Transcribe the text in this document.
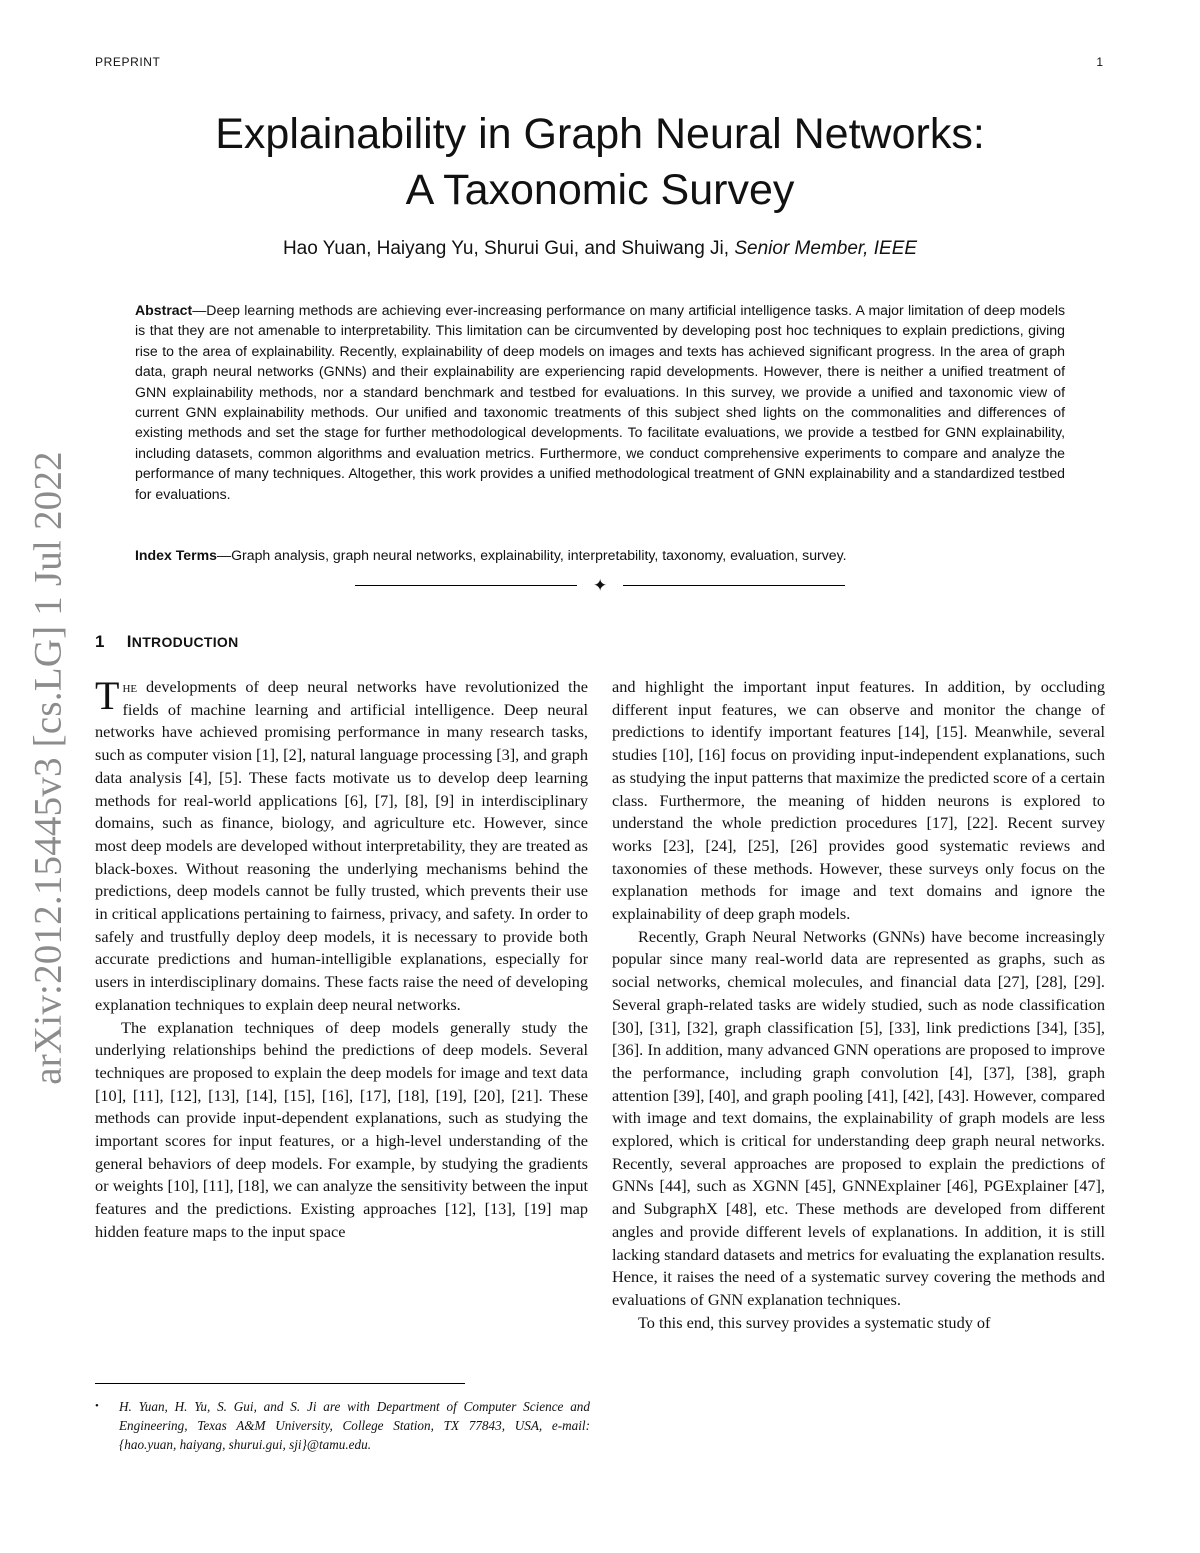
PREPRINT	1
arXiv:2012.15445v3 [cs.LG] 1 Jul 2022
Explainability in Graph Neural Networks:
A Taxonomic Survey
Hao Yuan, Haiyang Yu, Shurui Gui, and Shuiwang Ji, Senior Member, IEEE
Abstract—Deep learning methods are achieving ever-increasing performance on many artificial intelligence tasks. A major limitation of deep models is that they are not amenable to interpretability. This limitation can be circumvented by developing post hoc techniques to explain predictions, giving rise to the area of explainability. Recently, explainability of deep models on images and texts has achieved significant progress. In the area of graph data, graph neural networks (GNNs) and their explainability are experiencing rapid developments. However, there is neither a unified treatment of GNN explainability methods, nor a standard benchmark and testbed for evaluations. In this survey, we provide a unified and taxonomic view of current GNN explainability methods. Our unified and taxonomic treatments of this subject shed lights on the commonalities and differences of existing methods and set the stage for further methodological developments. To facilitate evaluations, we provide a testbed for GNN explainability, including datasets, common algorithms and evaluation metrics. Furthermore, we conduct comprehensive experiments to compare and analyze the performance of many techniques. Altogether, this work provides a unified methodological treatment of GNN explainability and a standardized testbed for evaluations.
Index Terms—Graph analysis, graph neural networks, explainability, interpretability, taxonomy, evaluation, survey.
✦
1 INTRODUCTION

The developments of deep neural networks have revolutionized the fields of machine learning and artificial intelligence. Deep neural networks have achieved promising performance in many research tasks, such as computer vision [1], [2], natural language processing [3], and graph data analysis [4], [5]. These facts motivate us to develop deep learning methods for real-world applications [6], [7], [8], [9] in interdisciplinary domains, such as finance, biology, and agriculture etc. However, since most deep models are developed without interpretability, they are treated as black-boxes. Without reasoning the underlying mechanisms behind the predictions, deep models cannot be fully trusted, which prevents their use in critical applications pertaining to fairness, privacy, and safety. In order to safely and trustfully deploy deep models, it is necessary to provide both accurate predictions and human-intelligible explanations, especially for users in interdisciplinary domains. These facts raise the need of developing explanation techniques to explain deep neural networks.

The explanation techniques of deep models generally study the underlying relationships behind the predictions of deep models. Several techniques are proposed to explain the deep models for image and text data [10], [11], [12], [13], [14], [15], [16], [17], [18], [19], [20], [21]. These methods can provide input-dependent explanations, such as studying the important scores for input features, or a high-level understanding of the general behaviors of deep models. For example, by studying the gradients or weights [10], [11], [18], we can analyze the sensitivity between the input features and the predictions. Existing approaches [12], [13], [19] map hidden feature maps to the input space

and highlight the important input features. In addition, by occluding different input features, we can observe and monitor the change of predictions to identify important features [14], [15]. Meanwhile, several studies [10], [16] focus on providing input-independent explanations, such as studying the input patterns that maximize the predicted score of a certain class. Furthermore, the meaning of hidden neurons is explored to understand the whole prediction procedures [17], [22]. Recent survey works [23], [24], [25], [26] provides good systematic reviews and taxonomies of these methods. However, these surveys only focus on the explanation methods for image and text domains and ignore the explainability of deep graph models.

Recently, Graph Neural Networks (GNNs) have become increasingly popular since many real-world data are represented as graphs, such as social networks, chemical molecules, and financial data [27], [28], [29]. Several graph-related tasks are widely studied, such as node classification [30], [31], [32], graph classification [5], [33], link predictions [34], [35], [36]. In addition, many advanced GNN operations are proposed to improve the performance, including graph convolution [4], [37], [38], graph attention [39], [40], and graph pooling [41], [42], [43]. However, compared with image and text domains, the explainability of graph models are less explored, which is critical for understanding deep graph neural networks. Recently, several approaches are proposed to explain the predictions of GNNs [44], such as XGNN [45], GNNExplainer [46], PGExplainer [47], and SubgraphX [48], etc. These methods are developed from different angles and provide different levels of explanations. In addition, it is still lacking standard datasets and metrics for evaluating the explanation results. Hence, it raises the need of a systematic survey covering the methods and evaluations of GNN explanation techniques.

To this end, this survey provides a systematic study of

• H. Yuan, H. Yu, S. Gui, and S. Ji are with Department of Computer Science and Engineering, Texas A&M University, College Station, TX 77843, USA, e-mail: {hao.yuan, haiyang, shurui.gui, sji}@tamu.edu.
